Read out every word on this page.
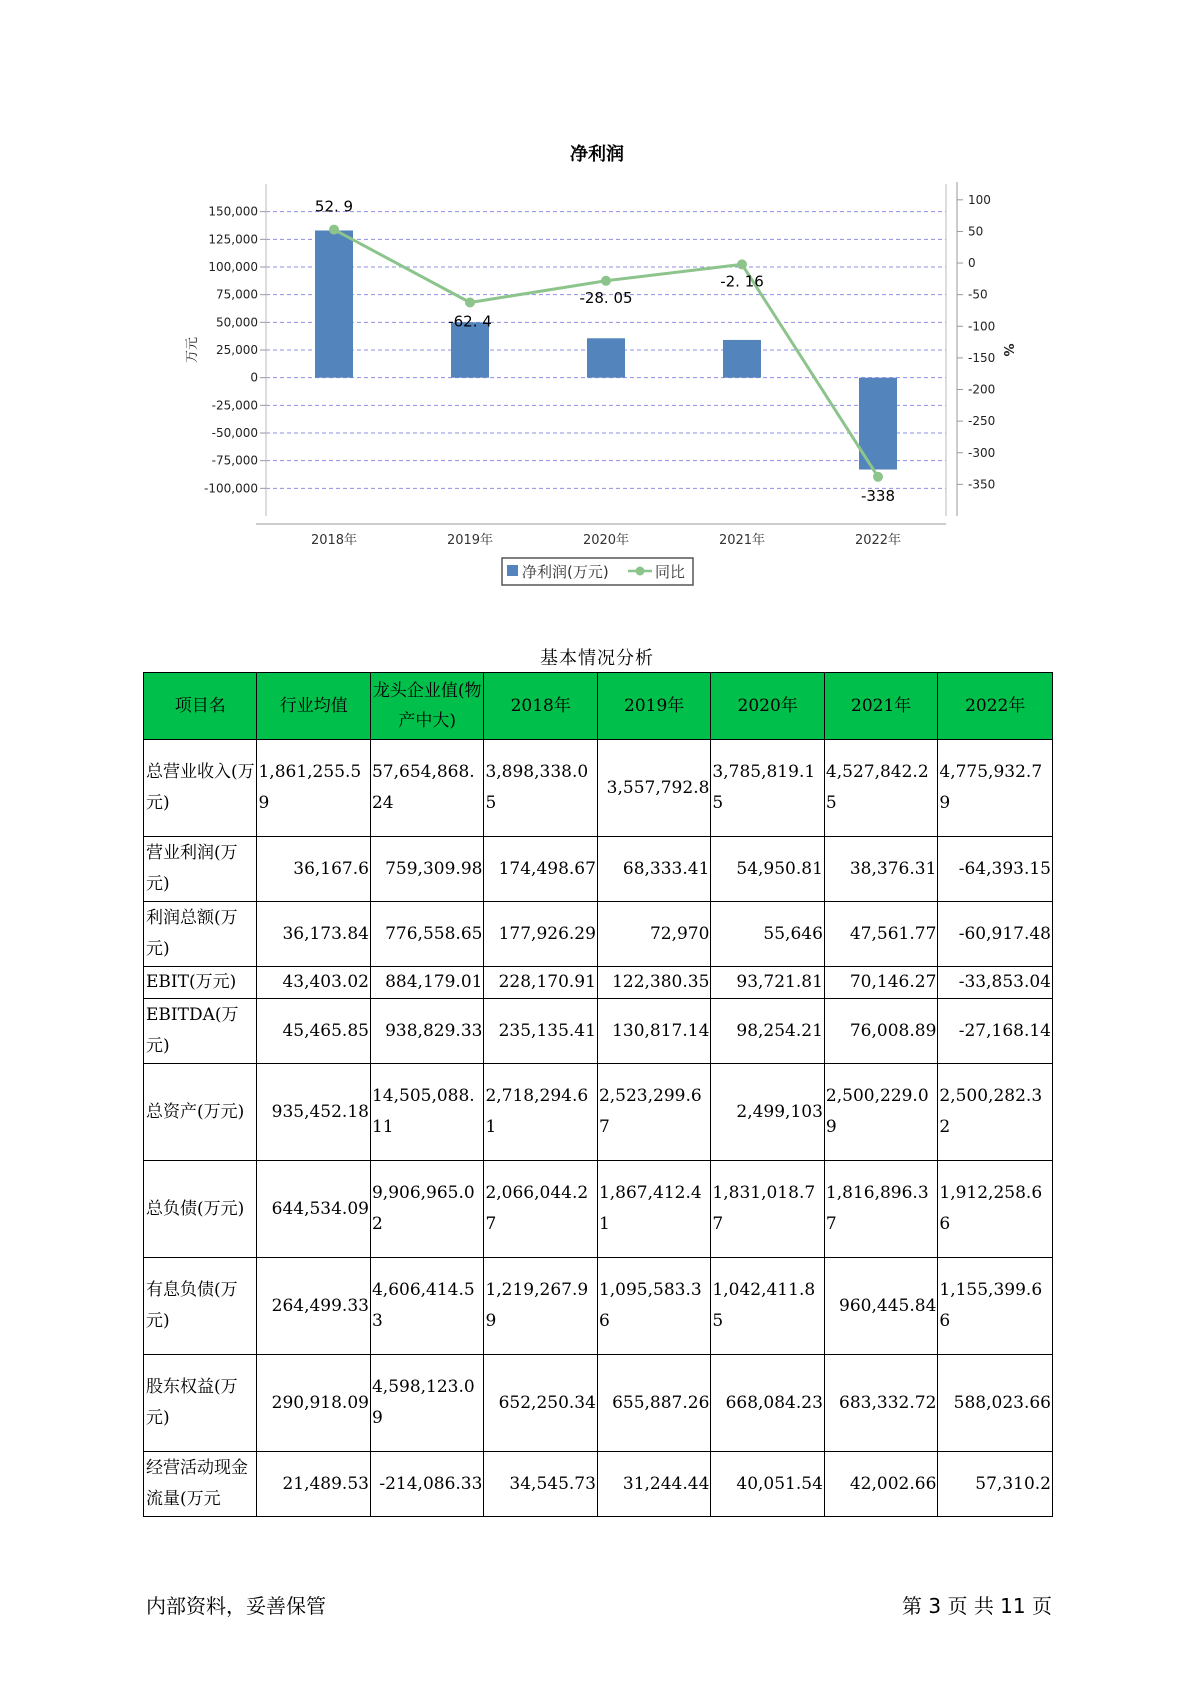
净利润
150,000
125,000
100,000
75,000
50,000
25,000
0
-25,000
-50,000
-75,000
-100,000
100
50
0
-50
-100
-150
-200
-250
-300
-350
万元	%
52. 9
-62. 4
-28. 05
-2. 16
-338
2018年	2019年	2020年	2021年	2022年
净利润(万元)	同比
基本情况分析
项目名	行业均值	龙头企业值(物产中大)	2018年	2019年	2020年	2021年	2022年
总营业收入(万元)	1,861,255.59	57,654,868.24	3,898,338.05	3,557,792.8	3,785,819.15	4,527,842.25	4,775,932.79
营业利润(万元)	36,167.6	759,309.98	174,498.67	68,333.41	54,950.81	38,376.31	-64,393.15
利润总额(万元)	36,173.84	776,558.65	177,926.29	72,970	55,646	47,561.77	-60,917.48
EBIT(万元)	43,403.02	884,179.01	228,170.91	122,380.35	93,721.81	70,146.27	-33,853.04
EBITDA(万元)	45,465.85	938,829.33	235,135.41	130,817.14	98,254.21	76,008.89	-27,168.14
总资产(万元)	935,452.18	14,505,088.11	2,718,294.61	2,523,299.67	2,499,103	2,500,229.09	2,500,282.32
总负债(万元)	644,534.09	9,906,965.02	2,066,044.27	1,867,412.41	1,831,018.77	1,816,896.37	1,912,258.66
有息负债(万元)	264,499.33	4,606,414.53	1,219,267.99	1,095,583.36	1,042,411.85	960,445.84	1,155,399.66
股东权益(万元)	290,918.09	4,598,123.09	652,250.34	655,887.26	668,084.23	683,332.72	588,023.66
经营活动现金流量(万元	21,489.53	-214,086.33	34,545.73	31,244.44	40,051.54	42,002.66	57,310.2
内部资料，妥善保管	第 3 页 共 11 页
